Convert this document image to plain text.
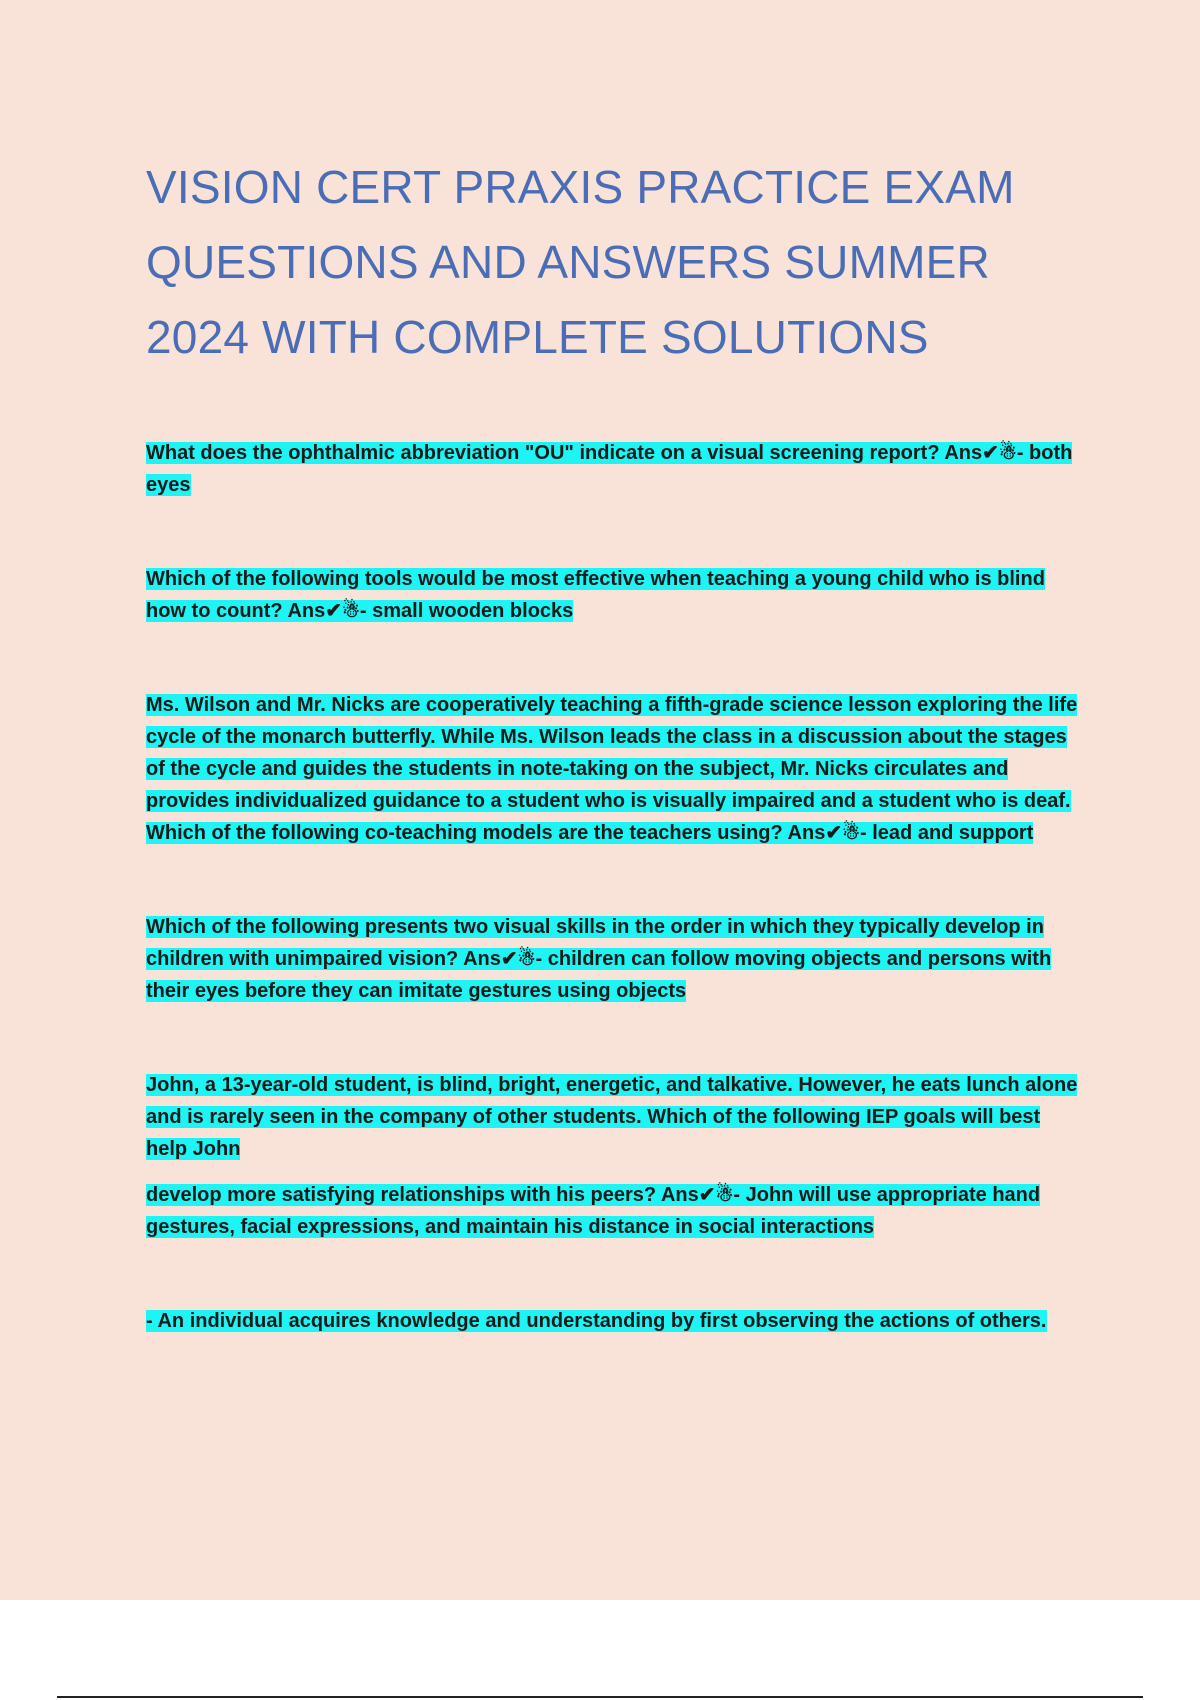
VISION CERT PRAXIS PRACTICE EXAM
QUESTIONS AND ANSWERS SUMMER
2024 WITH COMPLETE SOLUTIONS

What does the ophthalmic abbreviation "OU" indicate on a visual screening report? Ans✔☃- both eyes

Which of the following tools would be most effective when teaching a young child who is blind how to count? Ans✔☃- small wooden blocks

Ms. Wilson and Mr. Nicks are cooperatively teaching a fifth-grade science lesson exploring the life cycle of the monarch butterfly. While Ms. Wilson leads the class in a discussion about the stages of the cycle and guides the students in note-taking on the subject, Mr. Nicks circulates and provides individualized guidance to a student who is visually impaired and a student who is deaf. Which of the following co-teaching models are the teachers using? Ans✔☃- lead and support

Which of the following presents two visual skills in the order in which they typically develop in children with unimpaired vision? Ans✔☃- children can follow moving objects and persons with their eyes before they can imitate gestures using objects

John, a 13-year-old student, is blind, bright, energetic, and talkative. However, he eats lunch alone and is rarely seen in the company of other students. Which of the following IEP goals will best help John

develop more satisfying relationships with his peers? Ans✔☃- John will use appropriate hand gestures, facial expressions, and maintain his distance in social interactions

- An individual acquires knowledge and understanding by first observing the actions of others.
